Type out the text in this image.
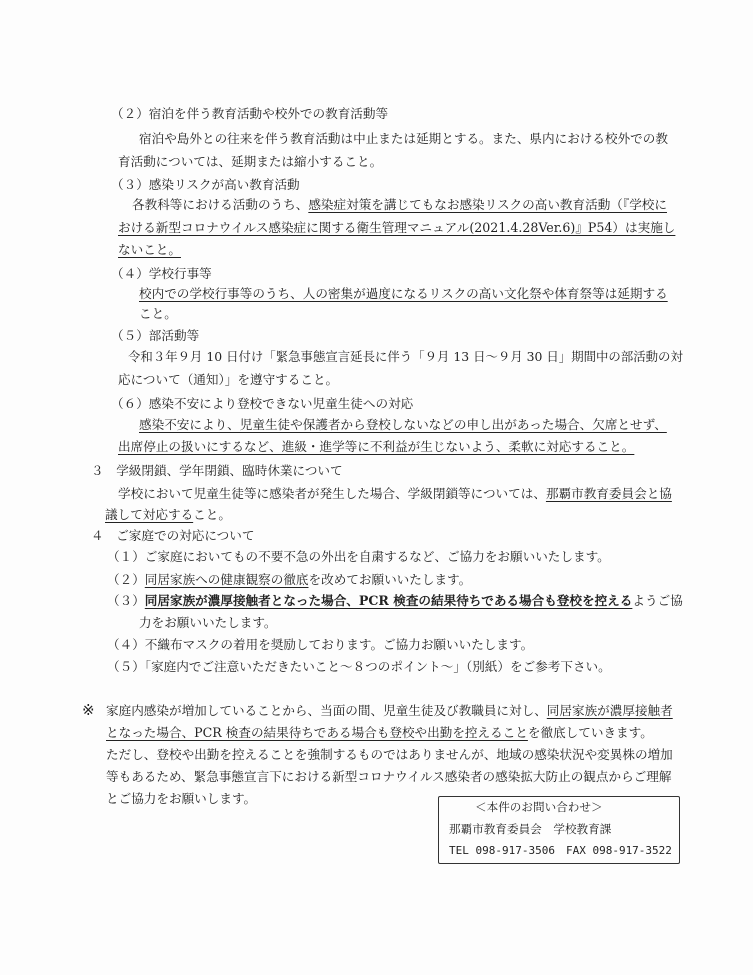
（２）宿泊を伴う教育活動や校外での教育活動等
宿泊や島外との往来を伴う教育活動は中止または延期とする。また、県内における校外での教
育活動については、延期または縮小すること。
（３）感染リスクが高い教育活動
各教科等における活動のうち、感染症対策を講じてもなお感染リスクの高い教育活動（『学校に
おける新型コロナウイルス感染症に関する衛生管理マニュアル(2021.4.28Ver.6)』P54）は実施し
ないこと。
（４）学校行事等
校内での学校行事等のうち、人の密集が過度になるリスクの高い文化祭や体育祭等は延期する
こと。
（５）部活動等
令和３年９月 10 日付け「緊急事態宣言延長に伴う「９月 13 日～９月 30 日」期間中の部活動の対
応について（通知）」を遵守すること。
（６）感染不安により登校できない児童生徒への対応
感染不安により、児童生徒や保護者から登校しないなどの申し出があった場合、欠席とせず、
出席停止の扱いにするなど、進級・進学等に不利益が生じないよう、柔軟に対応すること。
３　学級閉鎖、学年閉鎖、臨時休業について
学校において児童生徒等に感染者が発生した場合、学級閉鎖等については、那覇市教育委員会と協
議して対応すること。
４　ご家庭での対応について
（１）ご家庭においてもの不要不急の外出を自粛するなど、ご協力をお願いいたします。
（２）同居家族への健康観察の徹底を改めてお願いいたします。
（３）同居家族が濃厚接触者となった場合、PCR 検査の結果待ちである場合も登校を控えるようご協
力をお願いいたします。
（４）不織布マスクの着用を奨励しております。ご協力お願いいたします。
（５）「家庭内でご注意いただきたいこと～８つのポイント～」（別紙）をご参考下さい。
※ 家庭内感染が増加していることから、当面の間、児童生徒及び教職員に対し、同居家族が濃厚接触者
となった場合、PCR 検査の結果待ちである場合も登校や出勤を控えることを徹底していきます。
ただし、登校や出勤を控えることを強制するものではありませんが、地域の感染状況や変異株の増加
等もあるため、緊急事態宣言下における新型コロナウイルス感染者の感染拡大防止の観点からご理解
とご協力をお願いします。
＜本件のお問い合わせ＞
那覇市教育委員会　学校教育課
TEL 098-917-3506　FAX 098-917-3522
